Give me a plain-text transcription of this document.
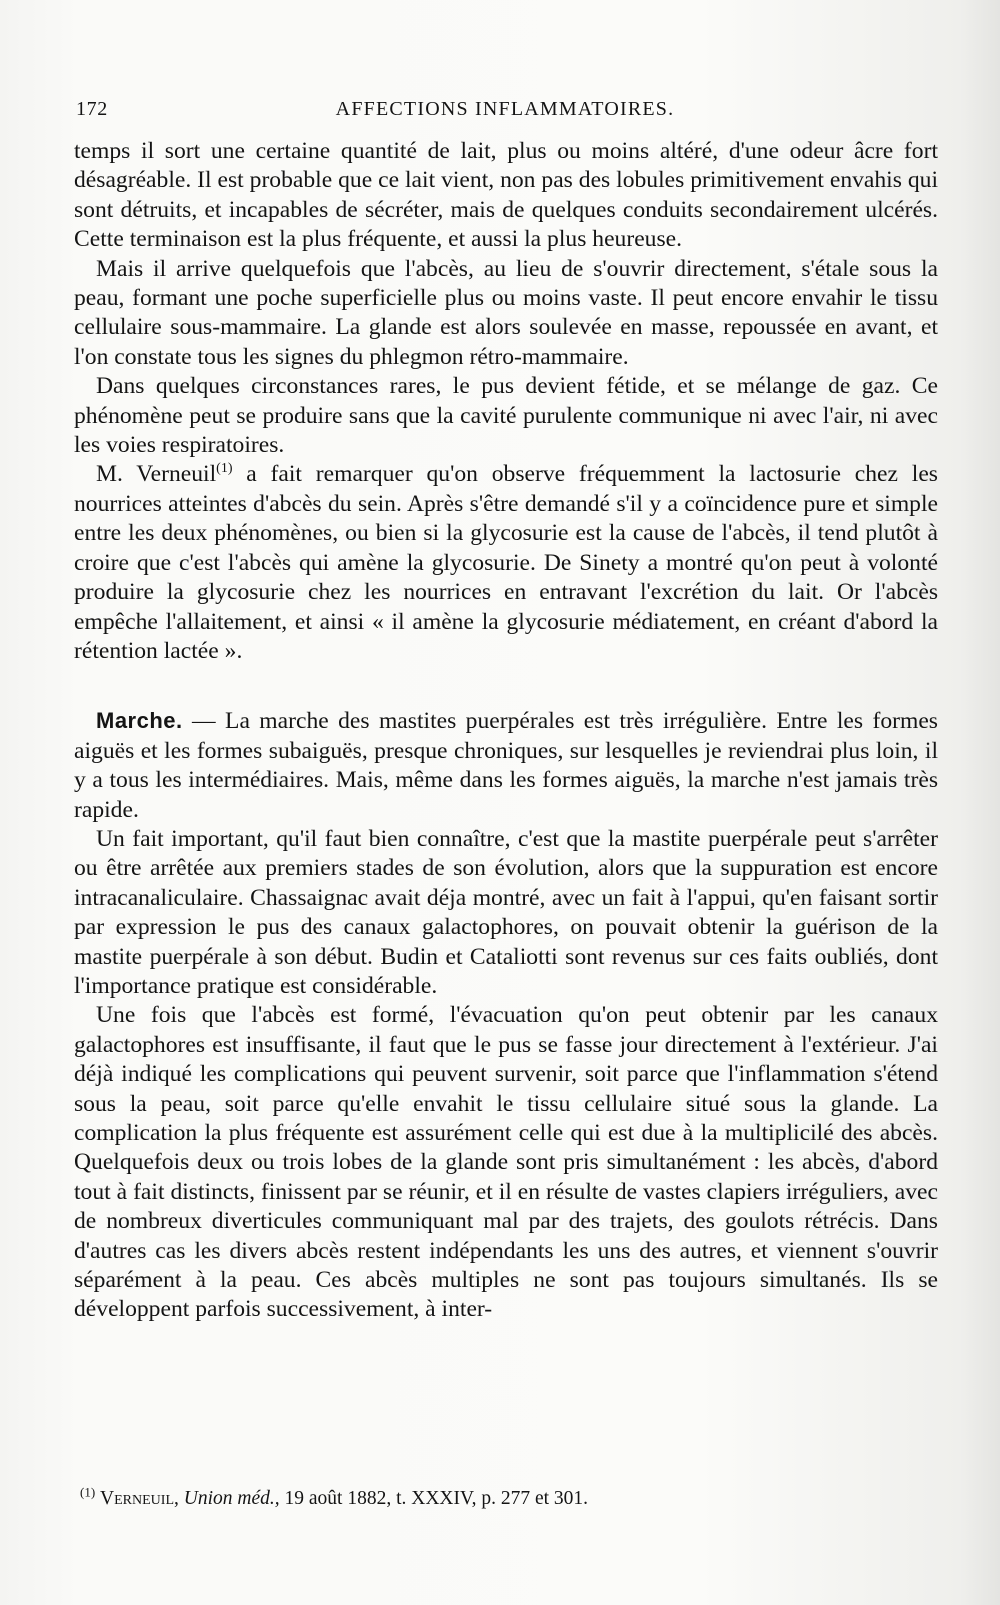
172	AFFECTIONS INFLAMMATOIRES.

temps il sort une certaine quantité de lait, plus ou moins altéré, d'une odeur âcre fort désagréable. Il est probable que ce lait vient, non pas des lobules primitivement envahis qui sont détruits, et incapables de sécréter, mais de quelques conduits secondairement ulcérés. Cette terminaison est la plus fréquente, et aussi la plus heureuse.

Mais il arrive quelquefois que l'abcès, au lieu de s'ouvrir directement, s'étale sous la peau, formant une poche superficielle plus ou moins vaste. Il peut encore envahir le tissu cellulaire sous-mammaire. La glande est alors soulevée en masse, repoussée en avant, et l'on constate tous les signes du phlegmon rétro-mammaire.

Dans quelques circonstances rares, le pus devient fétide, et se mélange de gaz. Ce phénomène peut se produire sans que la cavité purulente communique ni avec l'air, ni avec les voies respiratoires.

M. Verneuil$^{(1)}$ a fait remarquer qu'on observe fréquemment la lactosurie chez les nourrices atteintes d'abcès du sein. Après s'être demandé s'il y a coïncidence pure et simple entre les deux phénomènes, ou bien si la glycosurie est la cause de l'abcès, il tend plutôt à croire que c'est l'abcès qui amène la glycosurie. De Sinety a montré qu'on peut à volonté produire la glycosurie chez les nourrices en entravant l'excrétion du lait. Or l'abcès empêche l'allaitement, et ainsi « il amène la glycosurie médiatement, en créant d'abord la rétention lactée ».

Marche. — La marche des mastites puerpérales est très irrégulière. Entre les formes aiguës et les formes subaiguës, presque chroniques, sur lesquelles je reviendrai plus loin, il y a tous les intermédiaires. Mais, même dans les formes aiguës, la marche n'est jamais très rapide.

Un fait important, qu'il faut bien connaître, c'est que la mastite puerpérale peut s'arrêter ou être arrêtée aux premiers stades de son évolution, alors que la suppuration est encore intracanaliculaire. Chassaignac avait déja montré, avec un fait à l'appui, qu'en faisant sortir par expression le pus des canaux galactophores, on pouvait obtenir la guérison de la mastite puerpérale à son début. Budin et Cataliotti sont revenus sur ces faits oubliés, dont l'importance pratique est considérable.

Une fois que l'abcès est formé, l'évacuation qu'on peut obtenir par les canaux galactophores est insuffisante, il faut que le pus se fasse jour directement à l'extérieur. J'ai déjà indiqué les complications qui peuvent survenir, soit parce que l'inflammation s'étend sous la peau, soit parce qu'elle envahit le tissu cellulaire situé sous la glande. La complication la plus fréquente est assurément celle qui est due à la multiplicilé des abcès. Quelquefois deux ou trois lobes de la glande sont pris simultanément : les abcès, d'abord tout à fait distincts, finissent par se réunir, et il en résulte de vastes clapiers irréguliers, avec de nombreux diverticules communiquant mal par des trajets, des goulots rétrécis. Dans d'autres cas les divers abcès restent indépendants les uns des autres, et viennent s'ouvrir séparément à la peau. Ces abcès multiples ne sont pas toujours simultanés. Ils se développent parfois successivement, à inter-

$^{(1)}$ Verneuil, Union méd., 19 août 1882, t. XXXIV, p. 277 et 301.
